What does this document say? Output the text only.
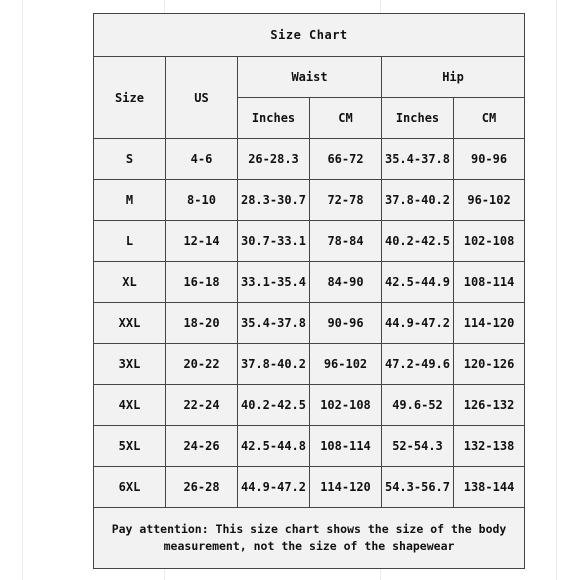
Size Chart					
Size	US	Waist		Hip	
		Inches	CM	Inches	CM
S	4-6	26-28.3	66-72	35.4-37.8	90-96
M	8-10	28.3-30.7	72-78	37.8-40.2	96-102
L	12-14	30.7-33.1	78-84	40.2-42.5	102-108
XL	16-18	33.1-35.4	84-90	42.5-44.9	108-114
XXL	18-20	35.4-37.8	90-96	44.9-47.2	114-120
3XL	20-22	37.8-40.2	96-102	47.2-49.6	120-126
4XL	22-24	40.2-42.5	102-108	49.6-52	126-132
5XL	24-26	42.5-44.8	108-114	52-54.3	132-138
6XL	26-28	44.9-47.2	114-120	54.3-56.7	138-144
Pay attention: This size chart shows the size of the body measurement, not the size of the shapewear					
